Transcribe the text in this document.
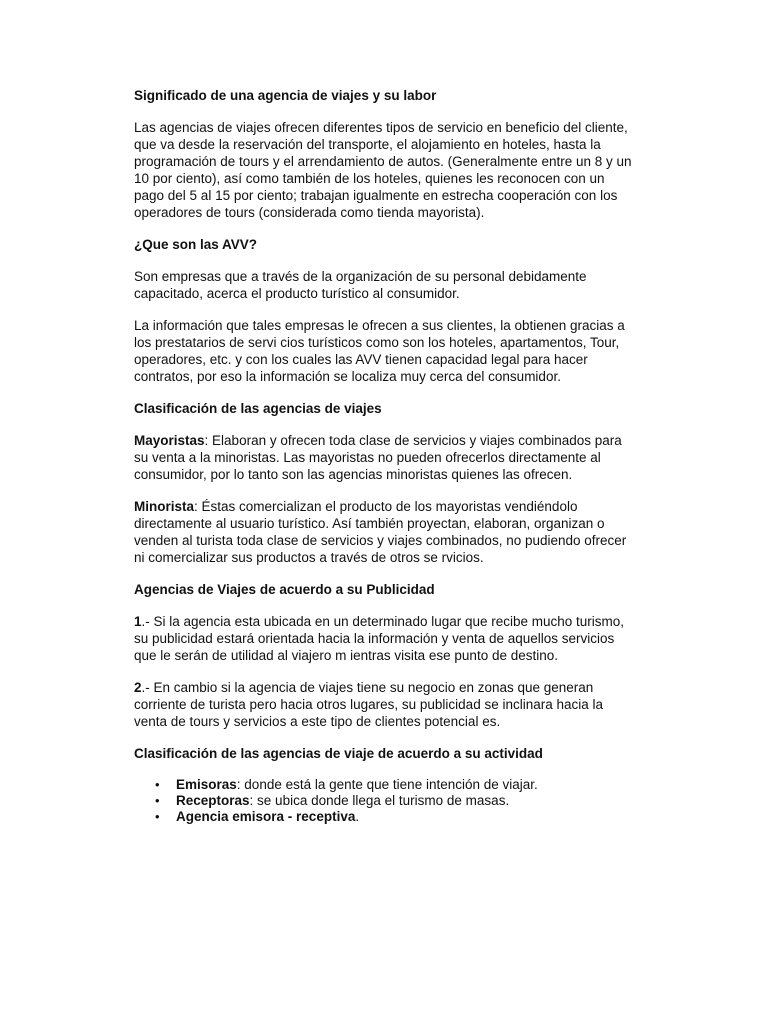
Significado de una agencia de viajes y su labor

Las agencias de viajes ofrecen diferentes tipos de servicio en beneficio del cliente, que va desde la reservación del transporte, el alojamiento en hoteles, hasta la programación de tours y el arrendamiento de autos. (Generalmente entre un 8 y un 10 por ciento), así como también de los hoteles, quienes les reconocen con un pago del 5 al 15 por ciento; trabajan igualmente en estrecha cooperación con los operadores de tours (considerada como tienda mayorista).

¿Que son las AVV?

Son empresas que a través de la organización de su personal debidamente capacitado, acerca el producto turístico al consumidor.

La información que tales empresas le ofrecen a sus clientes, la obtienen gracias a los prestatarios de servi cios turísticos como son los hoteles, apartamentos, Tour, operadores, etc. y con los cuales las AVV tienen capacidad legal para hacer contratos, por eso la información se localiza muy cerca del consumidor.

Clasificación de las agencias de viajes

Mayoristas: Elaboran y ofrecen toda clase de servicios y viajes combinados para su venta a la minoristas. Las mayoristas no pueden ofrecerlos directamente al consumidor, por lo tanto son las agencias minoristas quienes las ofrecen.

Minorista: Éstas comercializan el producto de los mayoristas vendiéndolo directamente al usuario turístico. Así también proyectan, elaboran, organizan o venden al turista toda clase de servicios y viajes combinados, no pudiendo ofrecer ni comercializar sus productos a través de otros se rvicios.

Agencias de Viajes de acuerdo a su Publicidad

1.- Si la agencia esta ubicada en un determinado lugar que recibe mucho turismo, su publicidad estará orientada hacia la información y venta de aquellos servicios que le serán de utilidad al viajero m ientras visita ese punto de destino.

2.- En cambio si la agencia de viajes tiene su negocio en zonas que generan corriente de turista pero hacia otros lugares, su publicidad se inclinara hacia la venta de tours y servicios a este tipo de clientes potencial es.

Clasificación de las agencias de viaje de acuerdo a su actividad
• Emisoras: donde está la gente que tiene intención de viajar.
• Receptoras: se ubica donde llega el turismo de masas.
• Agencia emisora - receptiva.
